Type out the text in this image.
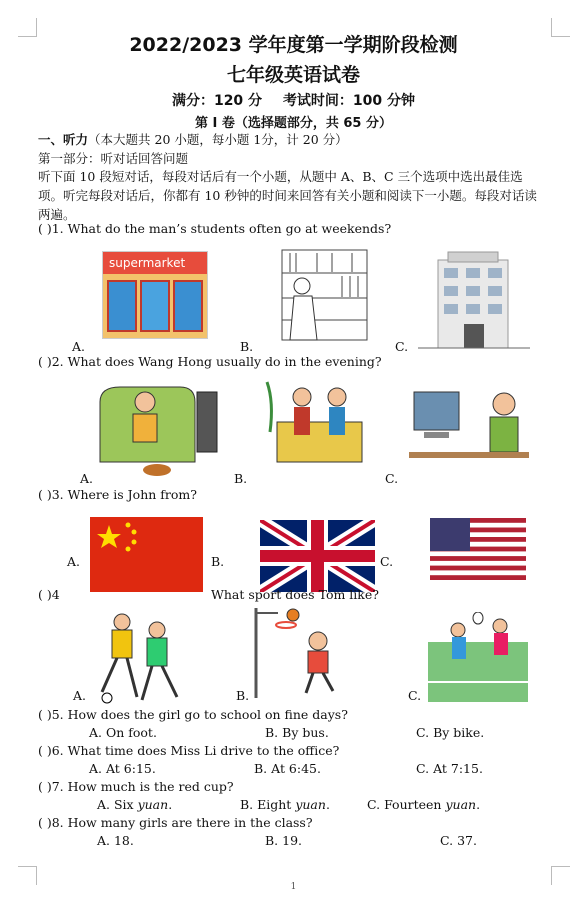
2022/2023 学年度第一学期阶段检测
七年级英语试卷
满分：120 分 考试时间：100 分钟
第 I 卷（选择题部分，共 65 分）
一、听力（本大题共 20 小题，每小题 1分，计 20 分）
第一部分：听对话回答问题
听下面 10 段短对话，每段对话后有一个小题，从题中 A、B、C 三个选项中选出最佳选项。听完每段对话后，你都有 10 秒钟的时间来回答有关小题和阅读下一小题。每段对话读两遍。
( )1. What do the man’s students often go at weekends?
supermarket
A.	B.	C.
( )2. What does Wang Hong usually do in the evening?
A.	B.	C.
( )3. Where is John from?
A.	B.	C.
( )4	What sport does Tom like?
A.	B.	C.
( )5. How does the girl go to school on fine days?
A. On foot.	B. By bus.	C. By bike.
( )6. What time does Miss Li drive to the office?
A. At 6:15.	B. At 6:45.	C. At 7:15.
( )7. How much is the red cup?
A. Six yuan.	B. Eight yuan.	C. Fourteen yuan.
( )8. How many girls are there in the class?
A. 18.	B. 19.	C. 37.
1
